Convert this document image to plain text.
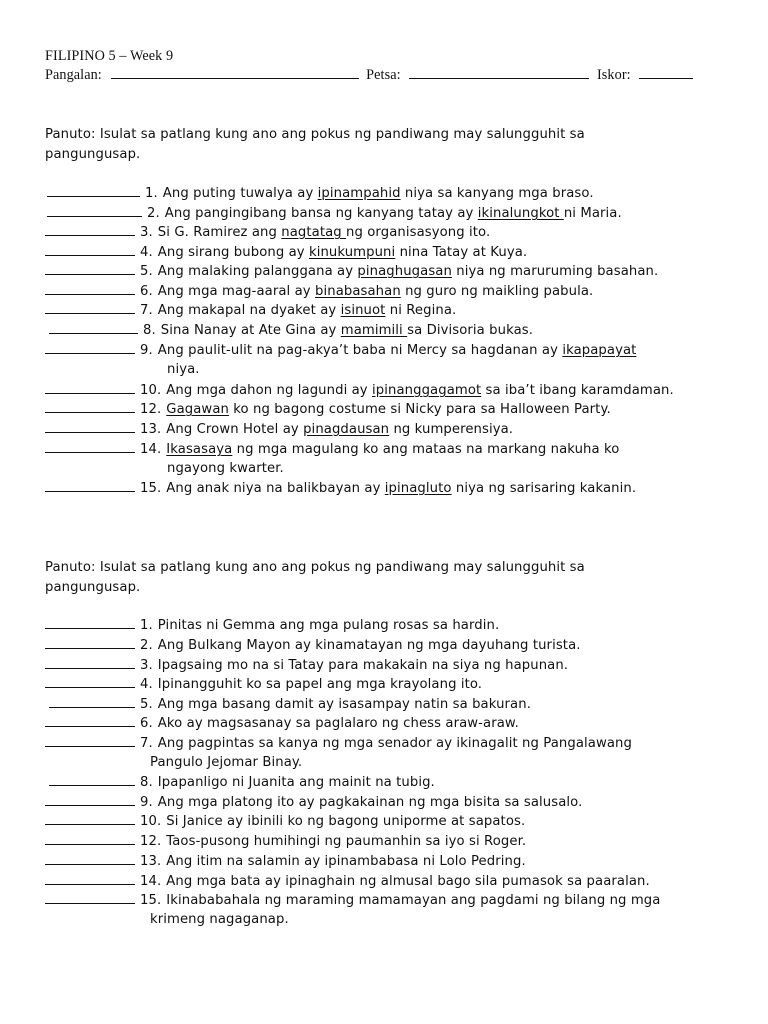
FILIPINO 5 – Week 9
Pangalan:	Petsa:	Iskor:
Panuto: Isulat sa patlang kung ano ang pokus ng pandiwang may salungguhit sa
pangungusap.
1. Ang puting tuwalya ay ipinampahid niya sa kanyang mga braso.
2. Ang pangingibang bansa ng kanyang tatay ay ikinalungkot ni Maria.
3. Si G. Ramirez ang nagtatag ng organisasyong ito.
4. Ang sirang bubong ay kinukumpuni nina Tatay at Kuya.
5. Ang malaking palanggana ay pinaghugasan niya ng maruruming basahan.
6. Ang mga mag-aaral ay binabasahan ng guro ng maikling pabula.
7. Ang makapal na dyaket ay isinuot ni Regina.
8. Sina Nanay at Ate Gina ay mamimili sa Divisoria bukas.
9. Ang paulit-ulit na pag-akya’t baba ni Mercy sa hagdanan ay ikapapayat
niya.
10. Ang mga dahon ng lagundi ay ipinanggagamot sa iba’t ibang karamdaman.
12. Gagawan ko ng bagong costume si Nicky para sa Halloween Party.
13. Ang Crown Hotel ay pinagdausan ng kumperensiya.
14. Ikasasaya ng mga magulang ko ang mataas na markang nakuha ko
ngayong kwarter.
15. Ang anak niya na balikbayan ay ipinagluto niya ng sarisaring kakanin.
Panuto: Isulat sa patlang kung ano ang pokus ng pandiwang may salungguhit sa
pangungusap.
1. Pinitas ni Gemma ang mga pulang rosas sa hardin.
2. Ang Bulkang Mayon ay kinamatayan ng mga dayuhang turista.
3. Ipagsaing mo na si Tatay para makakain na siya ng hapunan.
4. Ipinangguhit ko sa papel ang mga krayolang ito.
5. Ang mga basang damit ay isasampay natin sa bakuran.
6. Ako ay magsasanay sa paglalaro ng chess araw-araw.
7. Ang pagpintas sa kanya ng mga senador ay ikinagalit ng Pangalawang
Pangulo Jejomar Binay.
8. Ipapanligo ni Juanita ang mainit na tubig.
9. Ang mga platong ito ay pagkakainan ng mga bisita sa salusalo.
10. Si Janice ay ibinili ko ng bagong uniporme at sapatos.
12. Taos-pusong humihingi ng paumanhin sa iyo si Roger.
13. Ang itim na salamin ay ipinambabasa ni Lolo Pedring.
14. Ang mga bata ay ipinaghain ng almusal bago sila pumasok sa paaralan.
15. Ikinababahala ng maraming mamamayan ang pagdami ng bilang ng mga
krimeng nagaganap.
